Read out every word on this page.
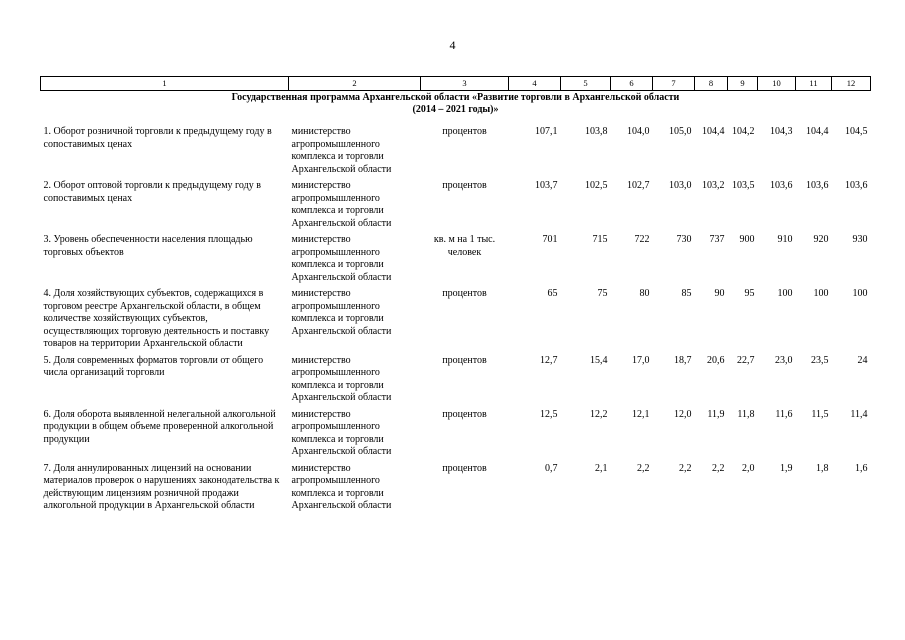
4
1	2	3	4	5	6	7	8	9	10	11	12

Государственная программа Архангельской области «Развитие торговли в Архангельской области
(2014 – 2021 годы)»											

1. Оборот розничной торговли к предыдущему году в сопоставимых ценах	министерство агропромышленного комплекса и торговли Архангельской области	процентов	107,1	103,8	104,0	105,0	104,4	104,2	104,3	104,4	104,5
2. Оборот оптовой торговли к предыдущему году в сопоставимых ценах	министерство агропромышленного комплекса и торговли Архангельской области	процентов	103,7	102,5	102,7	103,0	103,2	103,5	103,6	103,6	103,6
3. Уровень обеспеченности населения площадью торговых объектов	министерство агропромышленного комплекса и торговли Архангельской области	кв. м на 1 тыс. человек	701	715	722	730	737	900	910	920	930
4. Доля хозяйствующих субъектов, содержащихся в торговом реестре Архангельской области, в общем количестве хозяйствующих субъектов, осуществляющих торговую деятельность и поставку товаров на территории Архангельской области	министерство агропромышленного комплекса и торговли Архангельской области	процентов	65	75	80	85	90	95	100	100	100
5. Доля современных форматов торговли от общего числа организаций торговли	министерство агропромышленного комплекса и торговли Архангельской области	процентов	12,7	15,4	17,0	18,7	20,6	22,7	23,0	23,5	24
6. Доля оборота выявленной нелегальной алкогольной продукции в общем объеме проверенной алкогольной продукции	министерство агропромышленного комплекса и торговли Архангельской области	процентов	12,5	12,2	12,1	12,0	11,9	11,8	11,6	11,5	11,4
7. Доля аннулированных лицензий на основании материалов проверок о нарушениях законодательства к действующим лицензиям розничной продажи алкогольной продукции в Архангельской области	министерство агропромышленного комплекса и торговли Архангельской области	процентов	0,7	2,1	2,2	2,2	2,2	2,0	1,9	1,8	1,6
